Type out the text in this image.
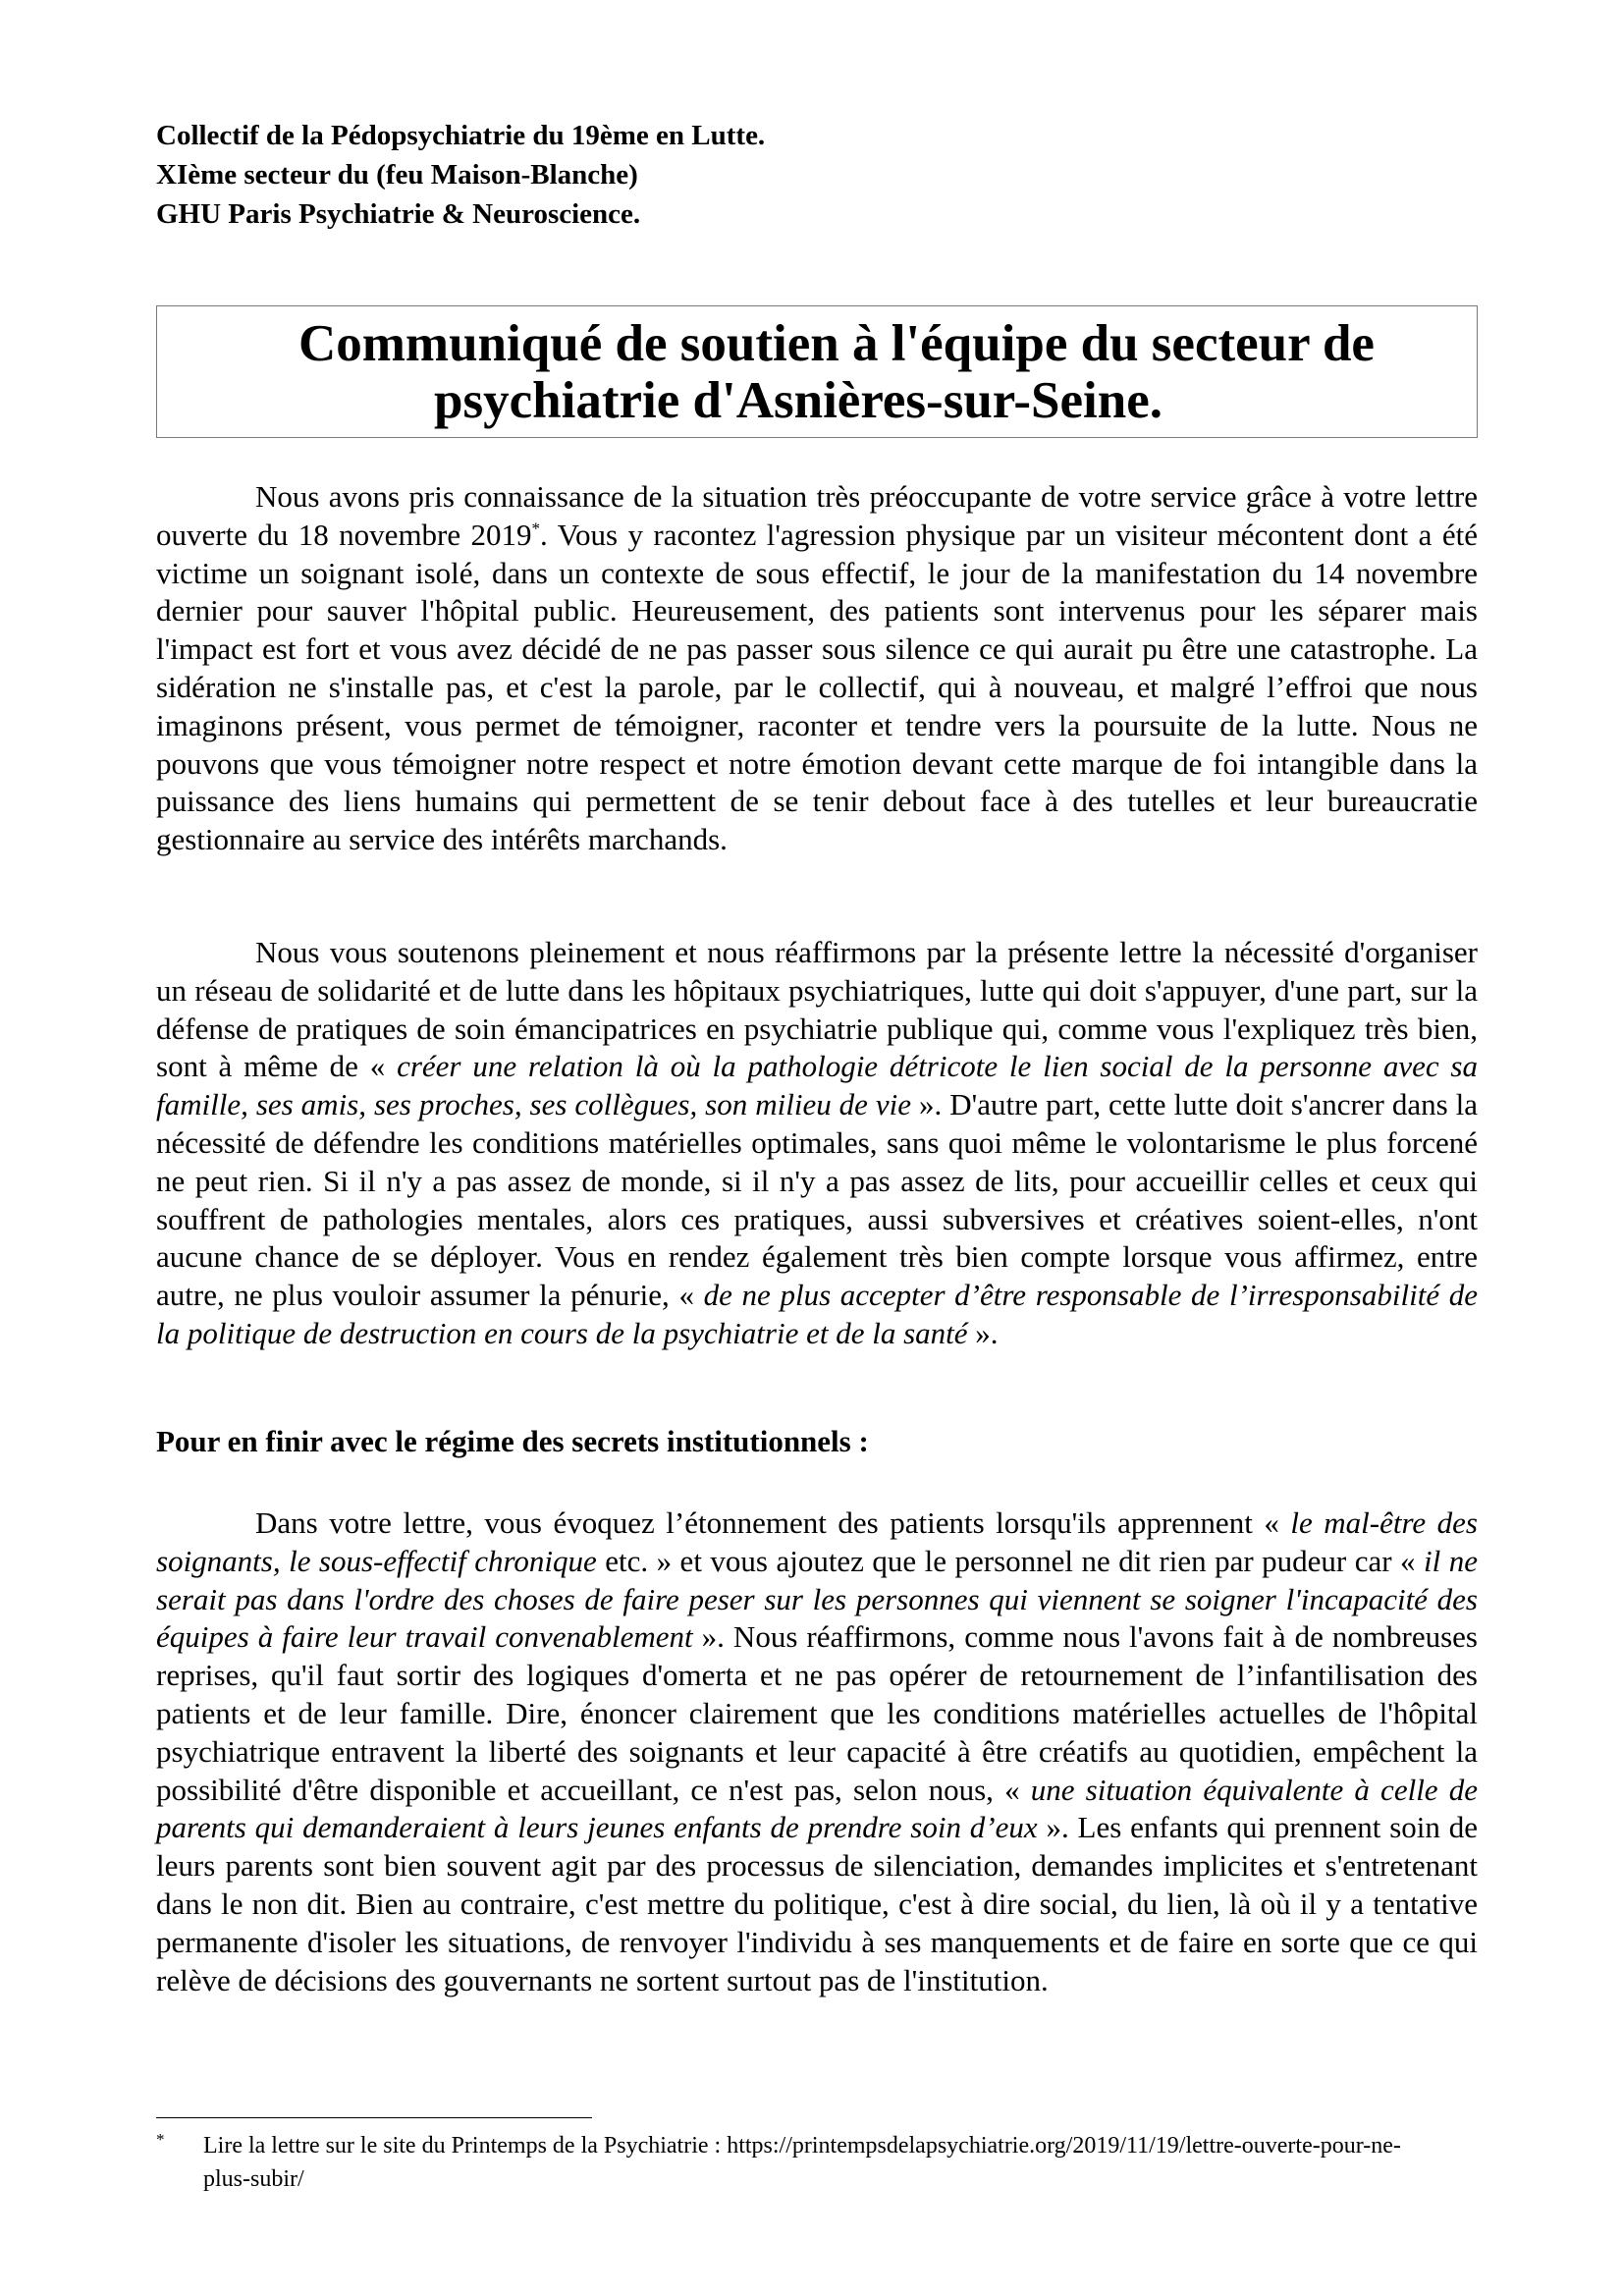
Collectif de la Pédopsychiatrie du 19ème en Lutte.
XIème secteur du (feu Maison-Blanche)
GHU Paris Psychiatrie & Neuroscience.
Communiqué de soutien à l'équipe du secteur de
psychiatrie d'Asnières-sur-Seine.

Nous avons pris connaissance de la situation très préoccupante de votre service grâce à votre lettre ouverte du 18 novembre 2019*. Vous y racontez l'agression physique par un visiteur mécontent dont a été victime un soignant isolé, dans un contexte de sous effectif, le jour de la manifestation du 14 novembre dernier pour sauver l'hôpital public. Heureusement, des patients sont intervenus pour les séparer mais l'impact est fort et vous avez décidé de ne pas passer sous silence ce qui aurait pu être une catastrophe. La sidération ne s'installe pas, et c'est la parole, par le collectif, qui à nouveau, et malgré l’effroi que nous imaginons présent, vous permet de témoigner, raconter et tendre vers la poursuite de la lutte. Nous ne pouvons que vous témoigner notre respect et notre émotion devant cette marque de foi intangible dans la puissance des liens humains qui permettent de se tenir debout face à des tutelles et leur bureaucratie gestionnaire au service des intérêts marchands.

Nous vous soutenons pleinement et nous réaffirmons par la présente lettre la nécessité d'organiser un réseau de solidarité et de lutte dans les hôpitaux psychiatriques, lutte qui doit s'appuyer, d'une part, sur la défense de pratiques de soin émancipatrices en psychiatrie publique qui, comme vous l'expliquez très bien, sont à même de « créer une relation là où la pathologie détricote le lien social de la personne avec sa famille, ses amis, ses proches, ses collègues, son milieu de vie ». D'autre part, cette lutte doit s'ancrer dans la nécessité de défendre les conditions matérielles optimales, sans quoi même le volontarisme le plus forcené ne peut rien. Si il n'y a pas assez de monde, si il n'y a pas assez de lits, pour accueillir celles et ceux qui souffrent de pathologies mentales, alors ces pratiques, aussi subversives et créatives soient-elles, n'ont aucune chance de se déployer. Vous en rendez également très bien compte lorsque vous affirmez, entre autre, ne plus vouloir assumer la pénurie, « de ne plus accepter d’être responsable de l’irresponsabilité de la politique de destruction en cours de la psychiatrie et de la santé ».

Pour en finir avec le régime des secrets institutionnels :

Dans votre lettre, vous évoquez l’étonnement des patients lorsqu'ils apprennent « le mal-être des soignants, le sous-effectif chronique etc. » et vous ajoutez que le personnel ne dit rien par pudeur car « il ne serait pas dans l'ordre des choses de faire peser sur les personnes qui viennent se soigner l'incapacité des équipes à faire leur travail convenablement ». Nous réaffirmons, comme nous l'avons fait à de nombreuses reprises, qu'il faut sortir des logiques d'omerta et ne pas opérer de retournement de l’infantilisation des patients et de leur famille. Dire, énoncer clairement que les conditions matérielles actuelles de l'hôpital psychiatrique entravent la liberté des soignants et leur capacité à être créatifs au quotidien, empêchent la possibilité d'être disponible et accueillant, ce n'est pas, selon nous, « une situation équivalente à celle de parents qui demanderaient à leurs jeunes enfants de prendre soin d’eux ». Les enfants qui prennent soin de leurs parents sont bien souvent agit par des processus de silenciation, demandes implicites et s'entretenant dans le non dit. Bien au contraire, c'est mettre du politique, c'est à dire social, du lien, là où il y a tentative permanente d'isoler les situations, de renvoyer l'individu à ses manquements et de faire en sorte que ce qui relève de décisions des gouvernants ne sortent surtout pas de l'institution.

* Lire la lettre sur le site du Printemps de la Psychiatrie : https://printempsdelapsychiatrie.org/2019/11/19/lettre-ouverte-pour-ne-plus-subir/
